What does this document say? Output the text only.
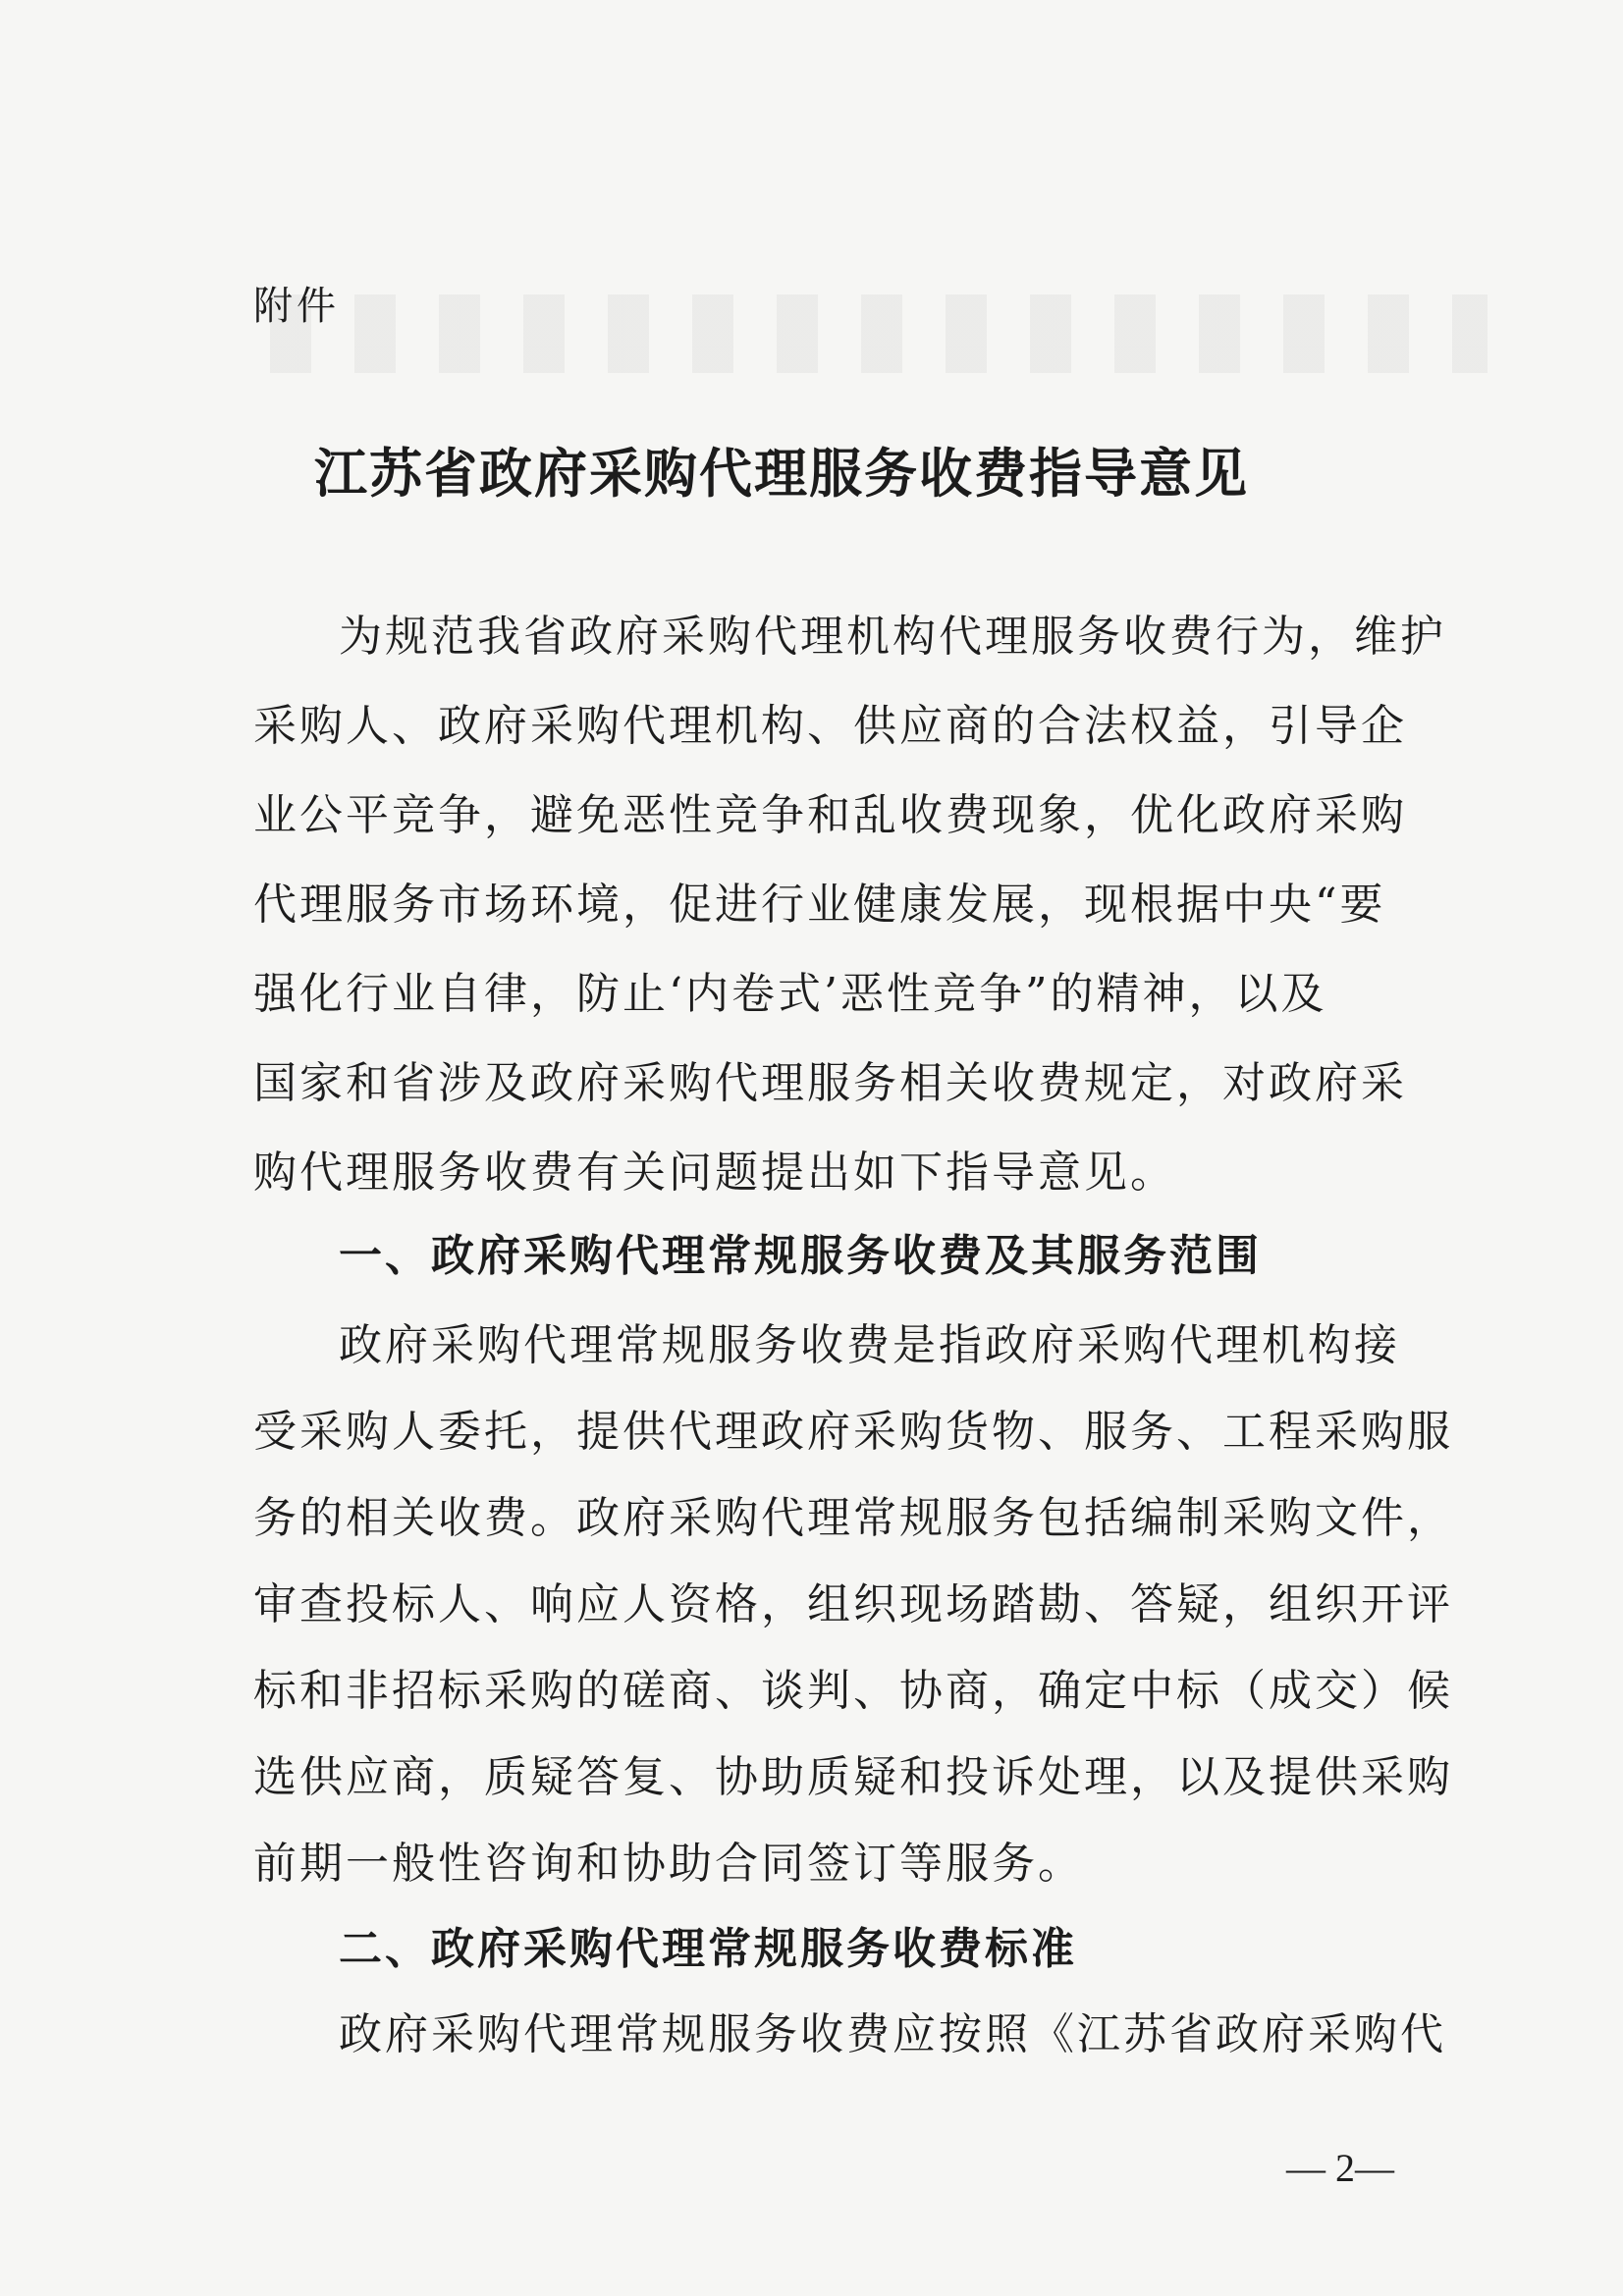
附件
江苏省政府采购代理服务收费指导意见
为规范我省政府采购代理机构代理服务收费行为，维护
采购人、政府采购代理机构、供应商的合法权益，引导企
业公平竞争，避免恶性竞争和乱收费现象，优化政府采购
代理服务市场环境，促进行业健康发展，现根据中央“要
强化行业自律，防止‘内卷式’恶性竞争”的精神，以及
国家和省涉及政府采购代理服务相关收费规定，对政府采
购代理服务收费有关问题提出如下指导意见。
一、政府采购代理常规服务收费及其服务范围
政府采购代理常规服务收费是指政府采购代理机构接
受采购人委托，提供代理政府采购货物、服务、工程采购服
务的相关收费。政府采购代理常规服务包括编制采购文件，
审查投标人、响应人资格，组织现场踏勘、答疑，组织开评
标和非招标采购的磋商、谈判、协商，确定中标（成交）候
选供应商，质疑答复、协助质疑和投诉处理，以及提供采购
前期一般性咨询和协助合同签订等服务。
二、政府采购代理常规服务收费标准
政府采购代理常规服务收费应按照《江苏省政府采购代
— 2—
